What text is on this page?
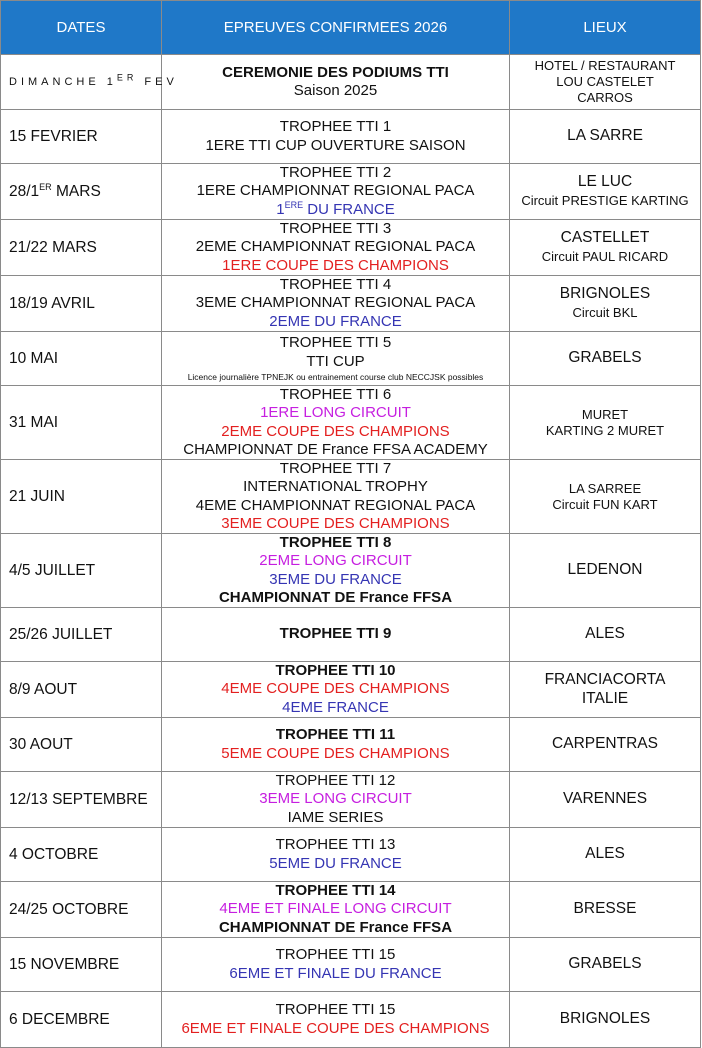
DATES	EPREUVES CONFIRMEES 2026	LIEUX
DIMANCHE 1ER FEV	CEREMONIE DES PODIUMS TTI
Saison 2025	HOTEL / RESTAURANT
LOU CASTELET
CARROS

15 FEVRIER	TROPHEE TTI 1
1ERE TTI CUP OUVERTURE SAISON	LA SARRE

28/1ER MARS	TROPHEE TTI 2
1ERE CHAMPIONNAT REGIONAL PACA
1ERE DU FRANCE	LE LUC
Circuit PRESTIGE KARTING

21/22 MARS	TROPHEE TTI 3
2EME CHAMPIONNAT REGIONAL PACA
1ERE COUPE DES CHAMPIONS	CASTELLET
Circuit PAUL RICARD

18/19 AVRIL	TROPHEE TTI 4
3EME CHAMPIONNAT REGIONAL PACA
2EME DU FRANCE	BRIGNOLES
Circuit BKL

10 MAI	TROPHEE TTI 5
TTI CUP
Licence journalière TPNEJK ou entrainement course club NECCJSK possibles	GRABELS

31 MAI	TROPHEE TTI 6
1ERE LONG CIRCUIT
2EME COUPE DES CHAMPIONS
CHAMPIONNAT DE France FFSA ACADEMY	MURET
KARTING 2 MURET

21 JUIN	TROPHEE TTI 7
INTERNATIONAL TROPHY
4EME CHAMPIONNAT REGIONAL PACA
3EME COUPE DES CHAMPIONS	LA SARREE
Circuit FUN KART

4/5 JUILLET	TROPHEE TTI 8
2EME LONG CIRCUIT
3EME DU FRANCE
CHAMPIONNAT DE France FFSA	LEDENON

25/26 JUILLET	TROPHEE TTI 9	ALES

8/9 AOUT	TROPHEE TTI 10
4EME COUPE DES CHAMPIONS
4EME FRANCE	FRANCIACORTA
ITALIE

30 AOUT	TROPHEE TTI 11
5EME COUPE DES CHAMPIONS	CARPENTRAS

12/13 SEPTEMBRE	TROPHEE TTI 12
3EME LONG CIRCUIT
IAME SERIES	VARENNES

4 OCTOBRE	TROPHEE TTI 13
5EME DU FRANCE	ALES

24/25 OCTOBRE	TROPHEE TTI 14
4EME ET FINALE LONG CIRCUIT
CHAMPIONNAT DE France FFSA	BRESSE

15 NOVEMBRE	TROPHEE TTI 15
6EME ET FINALE DU FRANCE	GRABELS

6 DECEMBRE	TROPHEE TTI 15
6EME ET FINALE COUPE DES CHAMPIONS	BRIGNOLES
